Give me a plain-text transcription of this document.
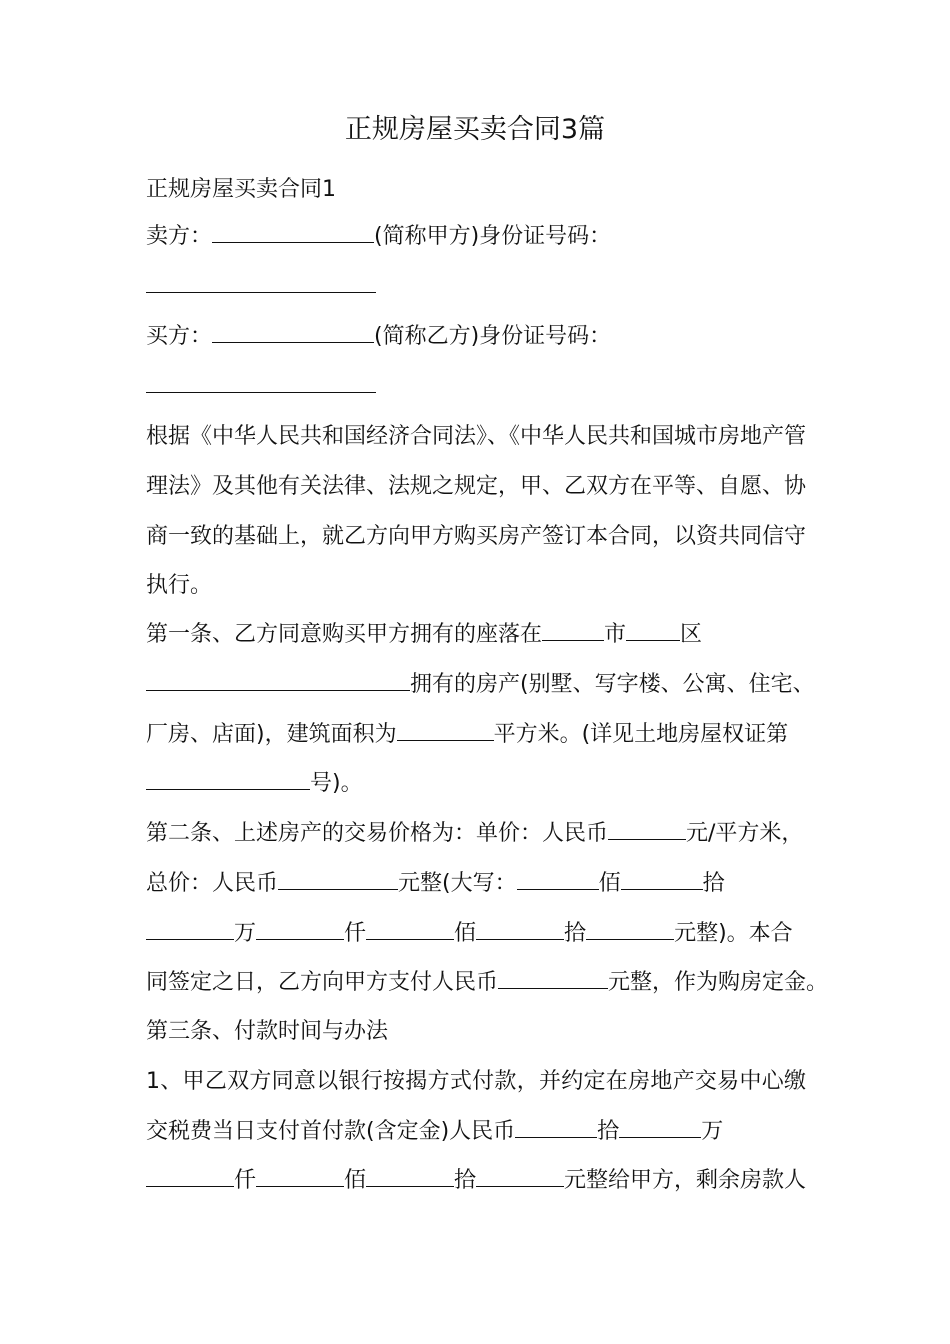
正规房屋买卖合同3篇
正规房屋买卖合同1
卖方：	(简称甲方)身份证号码：
买方：	(简称乙方)身份证号码：
根据《中华人民共和国经济合同法》、《中华人民共和国城市房地产管
理法》及其他有关法律、法规之规定，甲、乙双方在平等、自愿、协
商一致的基础上，就乙方向甲方购买房产签订本合同，以资共同信守
执行。
第一条、乙方同意购买甲方拥有的座落在	市 区
拥有的房产(别墅、写字楼、公寓、住宅、
厂房、店面)，建筑面积为	平方米。(详见土地房屋权证第
号)。
第二条、上述房产的交易价格为：单价：人民币	元/平方米，
总价：人民币	元整(大写：	佰	拾
万	仟	佰	拾	元整)。本合
同签定之日，乙方向甲方支付人民币	元整，作为购房定金。
第三条、付款时间与办法
1、甲乙双方同意以银行按揭方式付款，并约定在房地产交易中心缴
交税费当日支付首付款(含定金)人民币	拾	万
仟	佰	拾	元整给甲方，剩余房款人
